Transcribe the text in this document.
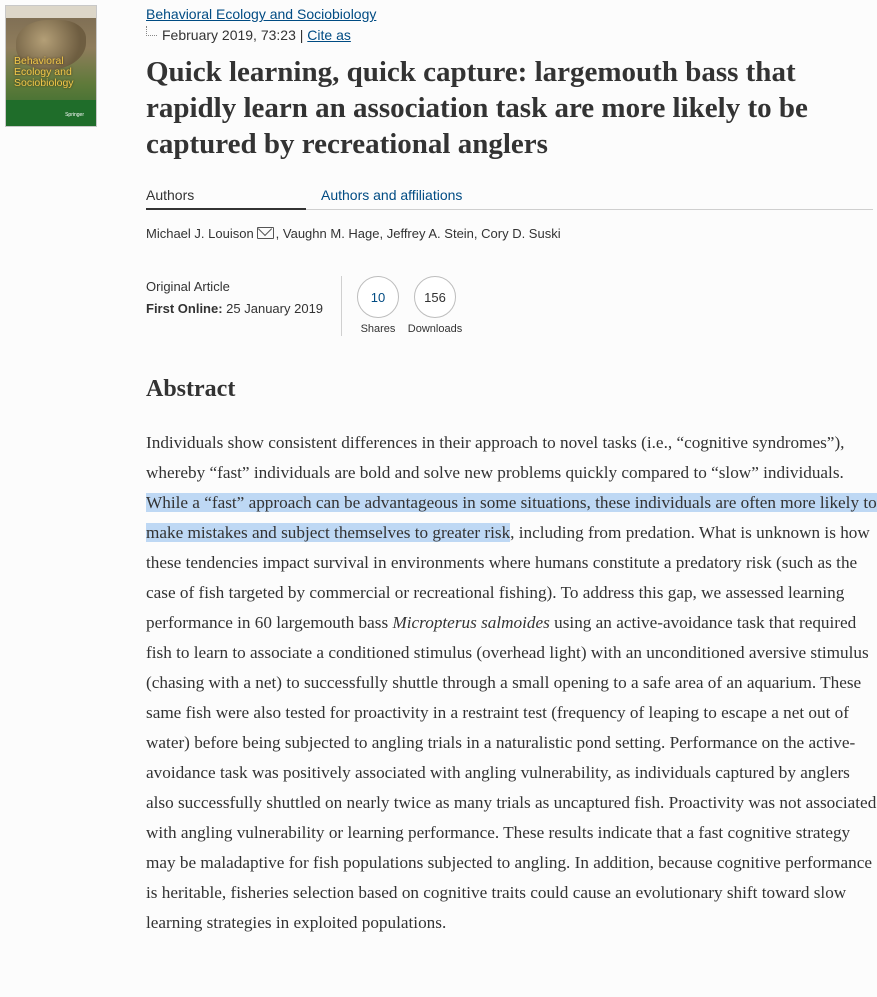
Behavioral Ecology and Sociobiology
Springer
Behavioral Ecology and Sociobiology
February 2019, 73:23 | Cite as
Quick learning, quick capture: largemouth bass that rapidly learn an association task are more likely to be captured by recreational anglers
Authors	Authors and affiliations
Michael J. Louison , Vaughn M. Hage, Jeffrey A. Stein, Cory D. Suski
Original Article
First Online: 25 January 2019
10
Shares
156
Downloads
Abstract

Individuals show consistent differences in their approach to novel tasks (i.e., “cognitive syndromes”), whereby “fast” individuals are bold and solve new problems quickly compared to “slow” individuals. While a “fast” approach can be advantageous in some situations, these individuals are often more likely to make mistakes and subject themselves to greater risk, including from predation. What is unknown is how these tendencies impact survival in environments where humans constitute a predatory risk (such as the case of fish targeted by commercial or recreational fishing). To address this gap, we assessed learning performance in 60 largemouth bass Micropterus salmoides using an active-avoidance task that required fish to learn to associate a conditioned stimulus (overhead light) with an unconditioned aversive stimulus (chasing with a net) to successfully shuttle through a small opening to a safe area of an aquarium. These same fish were also tested for proactivity in a restraint test (frequency of leaping to escape a net out of water) before being subjected to angling trials in a naturalistic pond setting. Performance on the active-avoidance task was positively associated with angling vulnerability, as individuals captured by anglers also successfully shuttled on nearly twice as many trials as uncaptured fish. Proactivity was not associated with angling vulnerability or learning performance. These results indicate that a fast cognitive strategy may be maladaptive for fish populations subjected to angling. In addition, because cognitive performance is heritable, fisheries selection based on cognitive traits could cause an evolutionary shift toward slow learning strategies in exploited populations.
